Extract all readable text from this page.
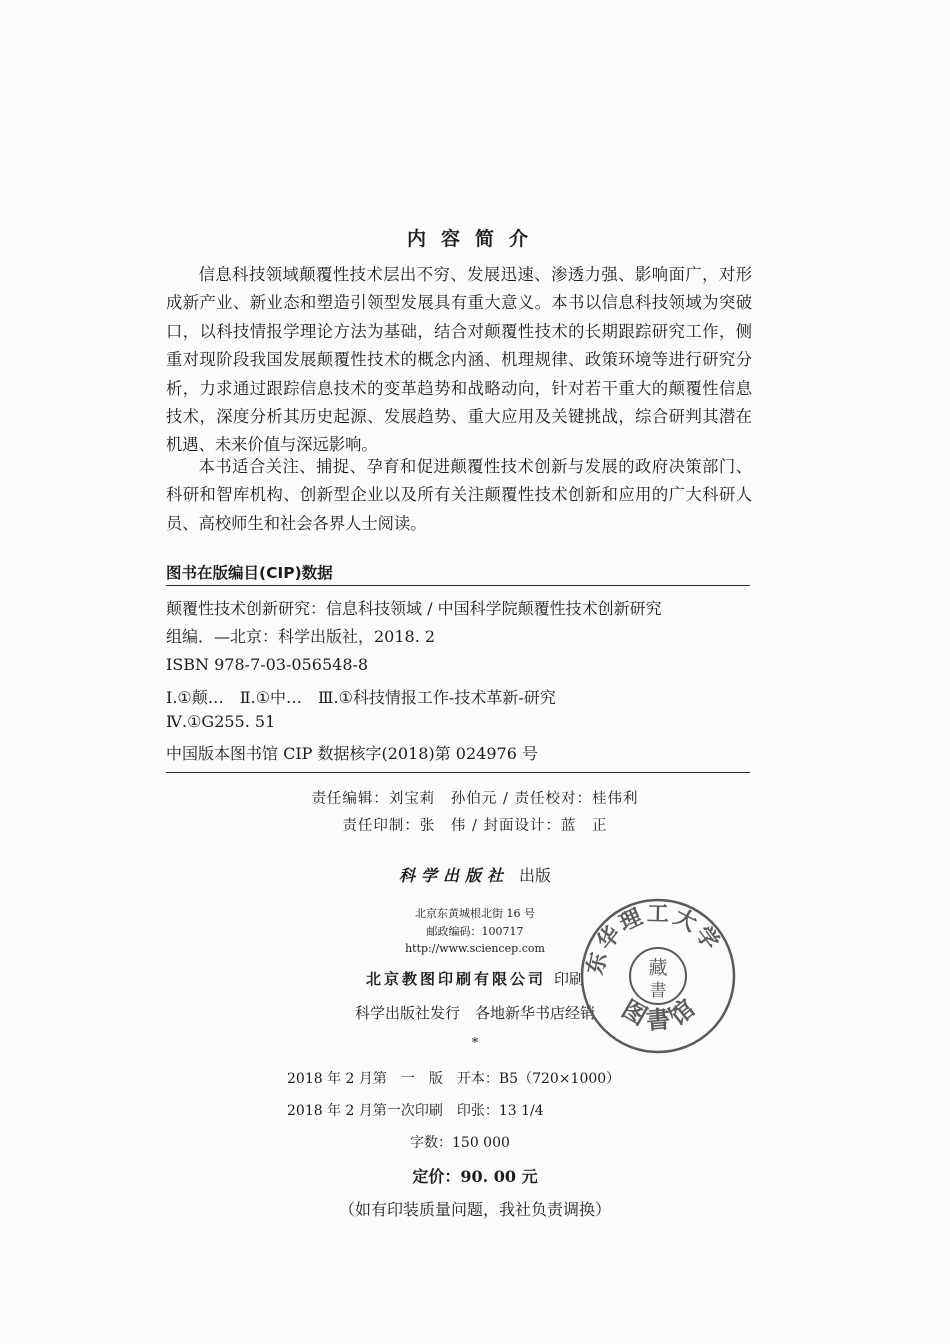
内容简介

信息科技领域颠覆性技术层出不穷、发展迅速、渗透力强、影响面广，对形成新产业、新业态和塑造引领型发展具有重大意义。本书以信息科技领域为突破口，以科技情报学理论方法为基础，结合对颠覆性技术的长期跟踪研究工作，侧重对现阶段我国发展颠覆性技术的概念内涵、机理规律、政策环境等进行研究分析，力求通过跟踪信息技术的变革趋势和战略动向，针对若干重大的颠覆性信息技术，深度分析其历史起源、发展趋势、重大应用及关键挑战，综合研判其潜在机遇、未来价值与深远影响。

本书适合关注、捕捉、孕育和促进颠覆性技术创新与发展的政府决策部门、科研和智库机构、创新型企业以及所有关注颠覆性技术创新和应用的广大科研人员、高校师生和社会各界人士阅读。

图书在版编目(CIP)数据
颠覆性技术创新研究：信息科技领域 / 中国科学院颠覆性技术创新研究
组编．—北京：科学出版社，2018. 2
ISBN 978-7-03-056548-8
Ⅰ.①颠…　Ⅱ.①中…　Ⅲ.①科技情报工作-技术革新-研究
Ⅳ.①G255. 51
中国版本图书馆 CIP 数据核字(2018)第 024976 号
责任编辑：刘宝莉　孙伯元 / 责任校对：桂伟利
责任印制：张　伟 / 封面设计：蓝　正
科学出版社 出版
北京东黄城根北街 16 号
邮政编码：100717
http://www.sciencep.com
北京教图印刷有限公司 印刷
科学出版社发行　各地新华书店经销
*
2018 年 2 月第　一　版　开本：B5（720×1000）
2018 年 2 月第一次印刷　印张：13 1/4
字数：150 000
定价：90. 00 元
（如有印装质量问题，我社负责调换）
东华理工大学
藏
書
图書馆
